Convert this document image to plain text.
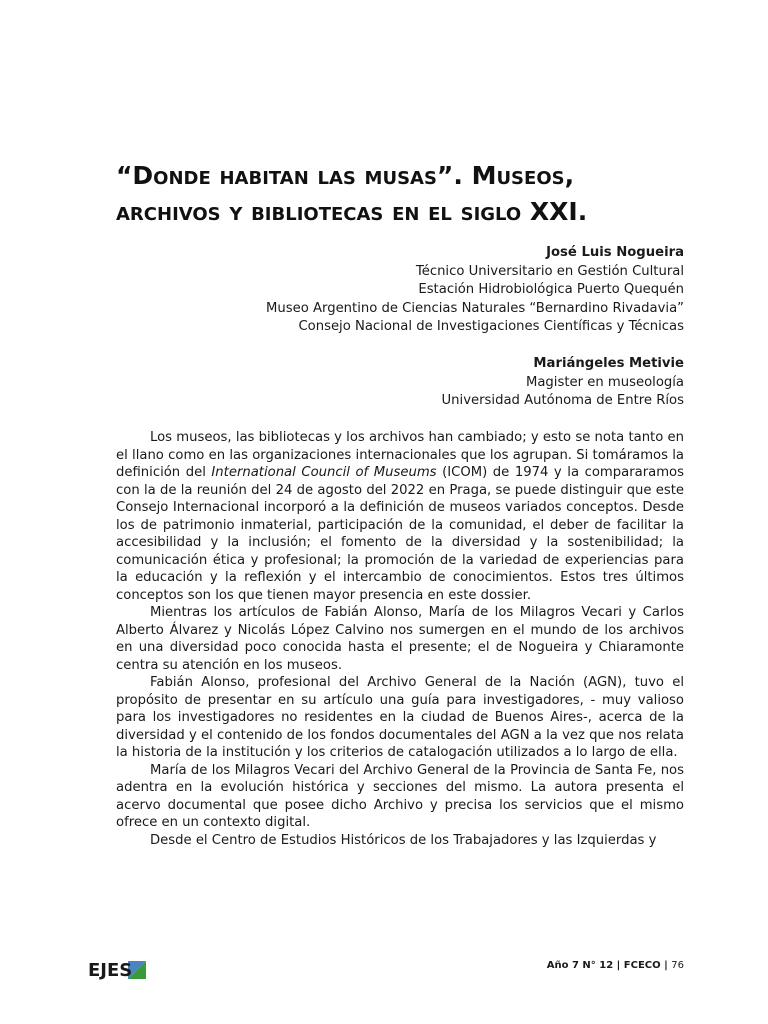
“Donde habitan las musas”. Museos,
archivos y bibliotecas en el siglo XXI.
José Luis Nogueira
Técnico Universitario en Gestión Cultural
Estación Hidrobiológica Puerto Quequén
Museo Argentino de Ciencias Naturales “Bernardino Rivadavia”
Consejo Nacional de Investigaciones Científicas y Técnicas
Mariángeles Metivie
Magister en museología
Universidad Autónoma de Entre Ríos

Los museos, las bibliotecas y los archivos han cambiado; y esto se nota tanto en el llano como en las organizaciones internacionales que los agrupan. Si tomáramos la definición del International Council of Museums (ICOM) de 1974 y la compararamos con la de la reunión del 24 de agosto del 2022 en Praga, se puede distinguir que este Consejo Internacional incorporó a la definición de museos variados conceptos. Desde los de patrimonio inmaterial, participación de la comunidad, el deber de facilitar la accesibilidad y la inclusión; el fomento de la diversidad y la sostenibilidad; la comunicación ética y profesional; la promoción de la variedad de experiencias para la educación y la reflexión y el intercambio de conocimientos. Estos tres últimos conceptos son los que tienen mayor presencia en este dossier.

Mientras los artículos de Fabián Alonso, María de los Milagros Vecari y Carlos Alberto Álvarez y Nicolás López Calvino nos sumergen en el mundo de los archivos en una diversidad poco conocida hasta el presente; el de Nogueira y Chiaramonte centra su atención en los museos.

Fabián Alonso, profesional del Archivo General de la Nación (AGN), tuvo el propósito de presentar en su artículo una guía para investigadores, - muy valioso para los investigadores no residentes en la ciudad de Buenos Aires-, acerca de la diversidad y el contenido de los fondos documentales del AGN a la vez que nos relata la historia de la institución y los criterios de catalogación utilizados a lo largo de ella.

María de los Milagros Vecari del Archivo General de la Provincia de Santa Fe, nos adentra en la evolución histórica y secciones del mismo. La autora presenta el acervo documental que posee dicho Archivo y precisa los servicios que el mismo ofrece en un contexto digital.

Desde el Centro de Estudios Históricos de los Trabajadores y las Izquierdas y

EJES	Año 7 N° 12 | FCECO | 76
